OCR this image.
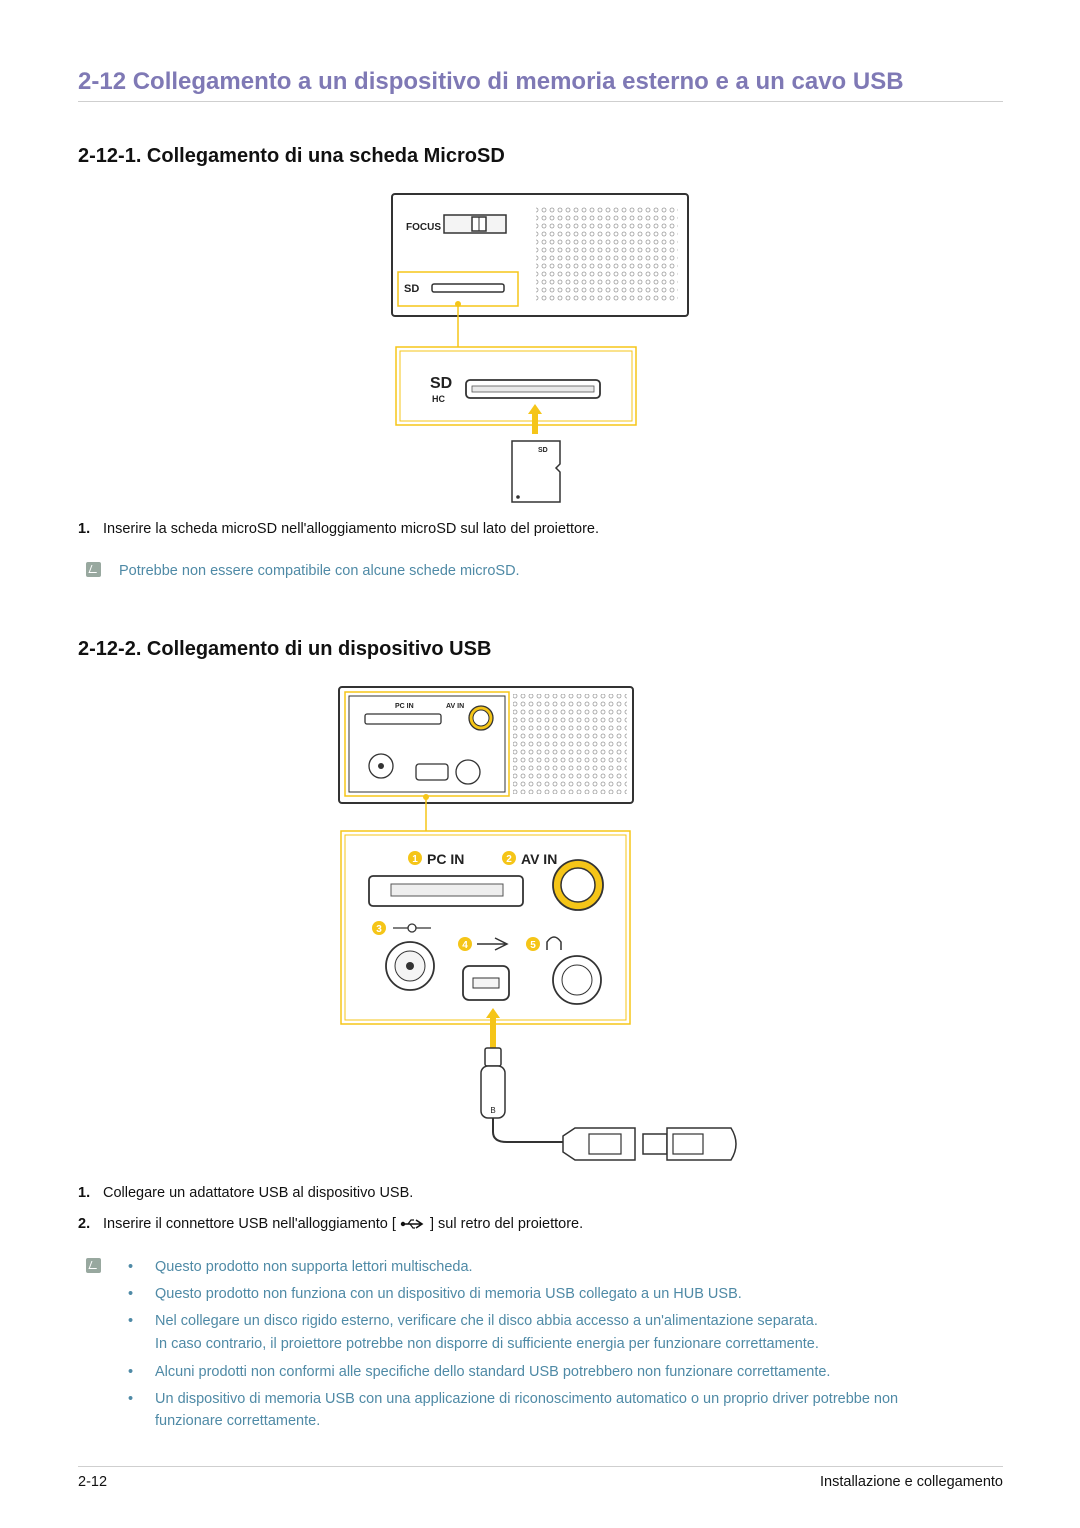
2-12 Collegamento a un dispositivo di memoria esterno e a un cavo USB
2-12-1. Collegamento di una scheda MicroSD
FOCUS
SD
SD
HC
SD
1. Inserire la scheda microSD nell'alloggiamento microSD sul lato del proiettore.
Potrebbe non essere compatibile con alcune schede microSD.
2-12-2. Collegamento di un dispositivo USB
PC IN	AV IN
1 PC IN	2 AV IN
3
4	5
B
1. Collegare un adattatore USB al dispositivo USB.
2. Inserire il connettore USB nell'alloggiamento [ ] sul retro del proiettore.
• Questo prodotto non supporta lettori multischeda.
• Questo prodotto non funziona con un dispositivo di memoria USB collegato a un HUB USB.
• Nel collegare un disco rigido esterno, verificare che il disco abbia accesso a un'alimentazione separata.
In caso contrario, il proiettore potrebbe non disporre di sufficiente energia per funzionare correttamente.
• Alcuni prodotti non conformi alle specifiche dello standard USB potrebbero non funzionare correttamente.
• Un dispositivo di memoria USB con una applicazione di riconoscimento automatico o un proprio driver potrebbe non
funzionare correttamente.
2-12	Installazione e collegamento
